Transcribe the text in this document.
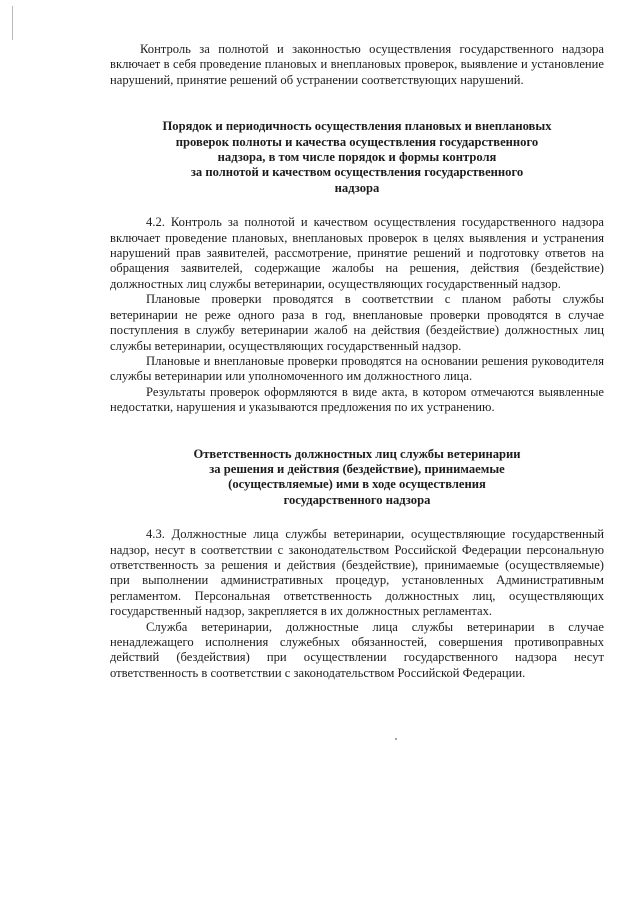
Контроль за полнотой и законностью осуществления государственного надзора включает в себя проведение плановых и внеплановых проверок, выявление и установление нарушений, принятие решений об устранении соответствующих нарушений.

Порядок и периодичность осуществления плановых и внеплановых
проверок полноты и качества осуществления государственного
надзора, в том числе порядок и формы контроля
за полнотой и качеством осуществления государственного
надзора

4.2. Контроль за полнотой и качеством осуществления государственного надзора включает проведение плановых, внеплановых проверок в целях выявления и устранения нарушений прав заявителей, рассмотрение, принятие решений и подготовку ответов на обращения заявителей, содержащие жалобы на решения, действия (бездействие) должностных лиц службы ветеринарии, осуществляющих государственный надзор.

Плановые проверки проводятся в соответствии с планом работы службы ветеринарии не реже одного раза в год, внеплановые проверки проводятся в случае поступления в службу ветеринарии жалоб на действия (бездействие) должностных лиц службы ветеринарии, осуществляющих государственный надзор.

Плановые и внеплановые проверки проводятся на основании решения руководителя службы ветеринарии или уполномоченного им должностного лица.

Результаты проверок оформляются в виде акта, в котором отмечаются выявленные недостатки, нарушения и указываются предложения по их устранению.

Ответственность должностных лиц службы ветеринарии
за решения и действия (бездействие), принимаемые
(осуществляемые) ими в ходе осуществления
государственного надзора

4.3. Должностные лица службы ветеринарии, осуществляющие государственный надзор, несут в соответствии с законодательством Российской Федерации персональную ответственность за решения и действия (бездействие), принимаемые (осуществляемые) при выполнении административных процедур, установленных Административным регламентом. Персональная ответственность должностных лиц, осуществляющих государственный надзор, закрепляется в их должностных регламентах.

Служба ветеринарии, должностные лица службы ветеринарии в случае ненадлежащего исполнения служебных обязанностей, совершения противоправных действий (бездействия) при осуществлении государственного надзора несут ответственность в соответствии с законодательством Российской Федерации.
